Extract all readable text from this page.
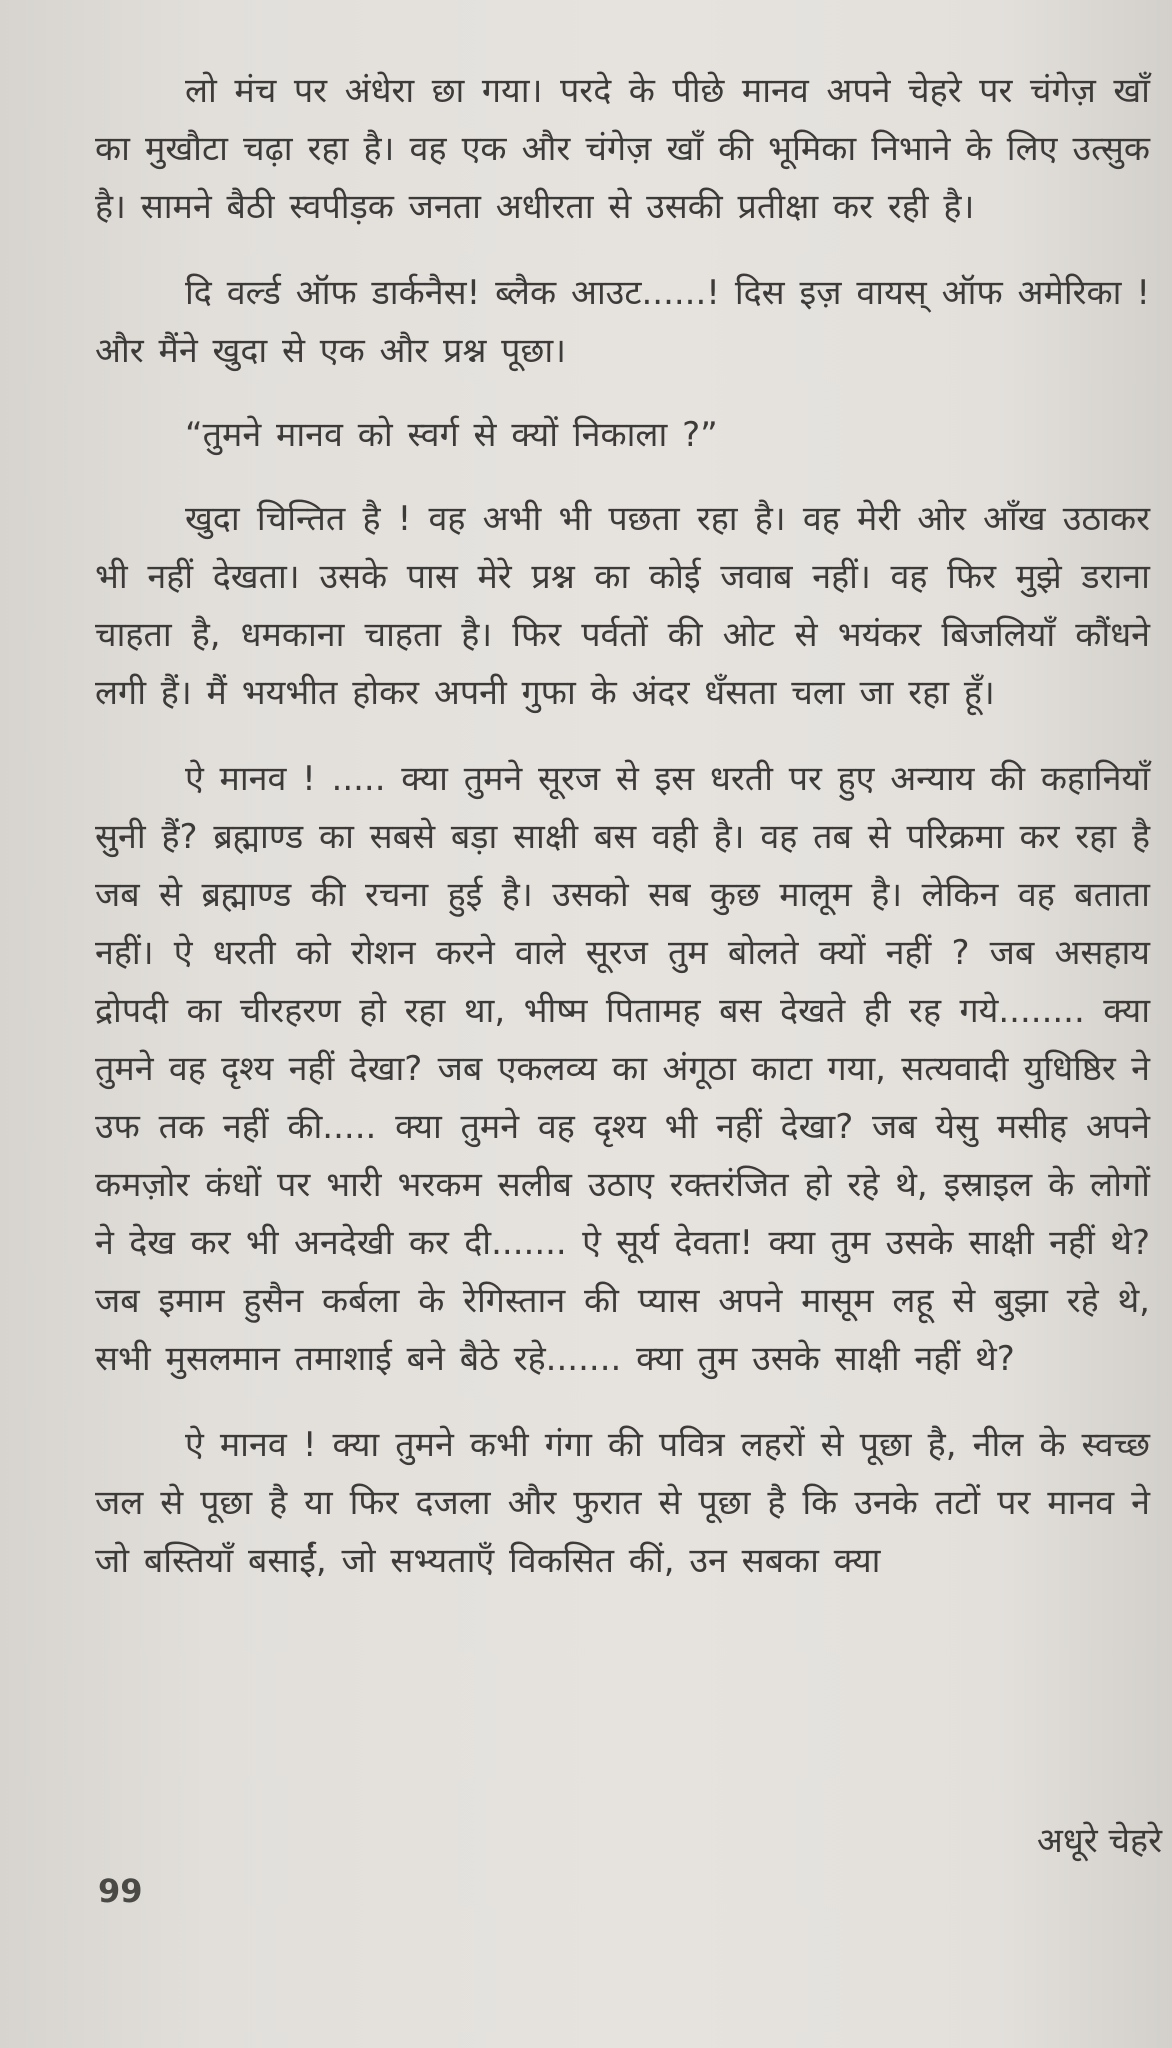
लो मंच पर अंधेरा छा गया। परदे के पीछे मानव अपने चेहरे पर चंगेज़ खाँ का मुखौटा चढ़ा रहा है। वह एक और चंगेज़ खाँ की भूमिका निभाने के लिए उत्सुक है। सामने बैठी स्वपीड़क जनता अधीरता से उसकी प्रतीक्षा कर रही है।

दि वर्ल्ड ऑफ डार्कनैस! ब्लैक आउट......! दिस इज़ वायस् ऑफ अमेरिका ! और मैंने खुदा से एक और प्रश्न पूछा।

“तुमने मानव को स्वर्ग से क्यों निकाला ?”

खुदा चिन्तित है ! वह अभी भी पछता रहा है। वह मेरी ओर आँख उठाकर भी नहीं देखता। उसके पास मेरे प्रश्न का कोई जवाब नहीं। वह फिर मुझे डराना चाहता है, धमकाना चाहता है। फिर पर्वतों की ओट से भयंकर बिजलियाँ कौंधने लगी हैं। मैं भयभीत होकर अपनी गुफा के अंदर धँसता चला जा रहा हूँ।

ऐ मानव ! ..... क्या तुमने सूरज से इस धरती पर हुए अन्याय की कहानियाँ सुनी हैं? ब्रह्माण्ड का सबसे बड़ा साक्षी बस वही है। वह तब से परिक्रमा कर रहा है जब से ब्रह्माण्ड की रचना हुई है। उसको सब कुछ मालूम है। लेकिन वह बताता नहीं। ऐ धरती को रोशन करने वाले सूरज तुम बोलते क्यों नहीं ? जब असहाय द्रोपदी का चीरहरण हो रहा था, भीष्म पितामह बस देखते ही रह गये........ क्या तुमने वह दृश्य नहीं देखा? जब एकलव्य का अंगूठा काटा गया, सत्यवादी युधिष्ठिर ने उफ तक नहीं की..... क्या तुमने वह दृश्य भी नहीं देखा? जब येसु मसीह अपने कमज़ोर कंधों पर भारी भरकम सलीब उठाए रक्तरंजित हो रहे थे, इस्राइल के लोगों ने देख कर भी अनदेखी कर दी....... ऐ सूर्य देवता! क्या तुम उसके साक्षी नहीं थे? जब इमाम हुसैन कर्बला के रेगिस्तान की प्यास अपने मासूम लहू से बुझा रहे थे, सभी मुसलमान तमाशाई बने बैठे रहे....... क्या तुम उसके साक्षी नहीं थे?

ऐ मानव ! क्या तुमने कभी गंगा की पवित्र लहरों से पूछा है, नील के स्वच्छ जल से पूछा है या फिर दजला और फुरात से पूछा है कि उनके तटों पर मानव ने जो बस्तियाँ बसाईं, जो सभ्यताएँ विकसित कीं, उन सबका क्या

अधूरे चेहरे
99
